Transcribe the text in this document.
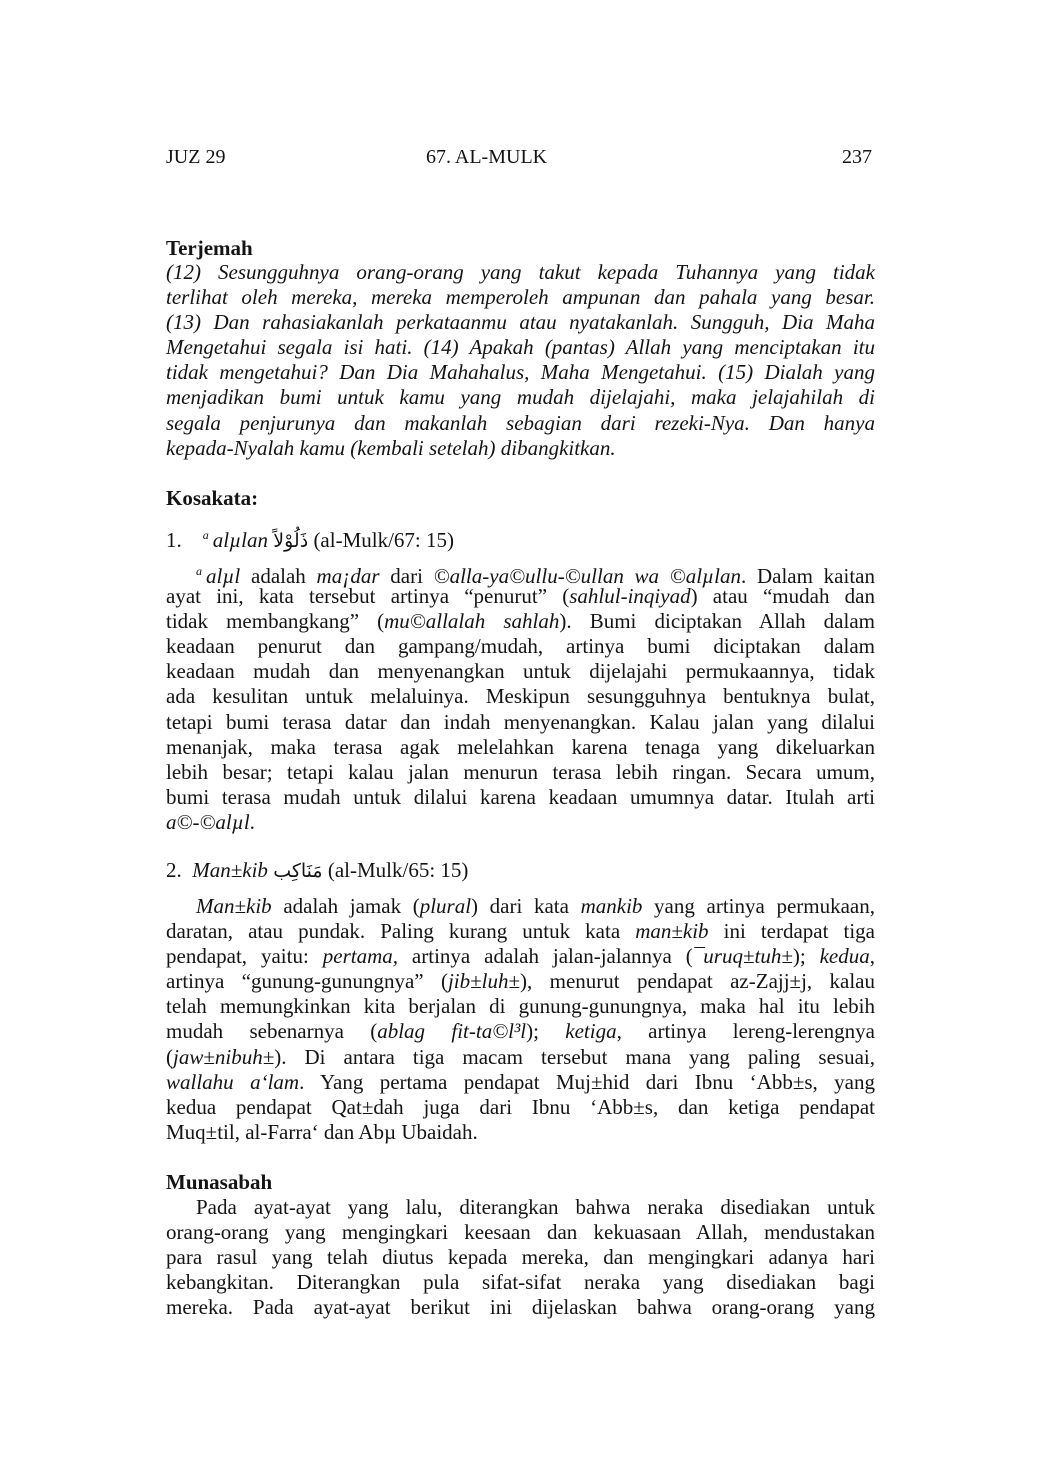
JUZ 29	67. AL-MULK	237
Terjemah
(12) Sesungguhnya orang-orang yang takut kepada Tuhannya yang tidak
terlihat oleh mereka, mereka memperoleh ampunan dan pahala yang besar.
(13) Dan rahasiakanlah perkataanmu atau nyatakanlah. Sungguh, Dia Maha
Mengetahui segala isi hati. (14) Apakah (pantas) Allah yang menciptakan itu
tidak mengetahui? Dan Dia Mahahalus, Maha Mengetahui. (15) Dialah yang
menjadikan bumi untuk kamu yang mudah dijelajahi, maka jelajahilah di
segala penjurunya dan makanlah sebagian dari rezeki-Nya. Dan hanya
kepada-Nyalah kamu (kembali setelah) dibangkitkan.
Kosakata:
1. $^a$ alµlan ذَلُوْلاً (al-Mulk/67: 15)
$^a$ alµl adalah ma¡dar dari ©alla-ya©ullu-©ullan wa ©alµlan. Dalam kaitan
ayat ini, kata tersebut artinya “penurut” (sahlul-inqiyad) atau “mudah dan
tidak membangkang” (mu©allalah sahlah). Bumi diciptakan Allah dalam
keadaan penurut dan gampang/mudah, artinya bumi diciptakan dalam
keadaan mudah dan menyenangkan untuk dijelajahi permukaannya, tidak
ada kesulitan untuk melaluinya. Meskipun sesungguhnya bentuknya bulat,
tetapi bumi terasa datar dan indah menyenangkan. Kalau jalan yang dilalui
menanjak, maka terasa agak melelahkan karena tenaga yang dikeluarkan
lebih besar; tetapi kalau jalan menurun terasa lebih ringan. Secara umum,
bumi terasa mudah untuk dilalui karena keadaan umumnya datar. Itulah arti
a©-©alµl.
2. Man±kib مَنَاكِب (al-Mulk/65: 15)
Man±kib adalah jamak (plural) dari kata mankib yang artinya permukaan,
daratan, atau pundak. Paling kurang untuk kata man±kib ini terdapat tiga
pendapat, yaitu: pertama, artinya adalah jalan-jalannya (¯uruq±tuh±); kedua,
artinya “gunung-gunungnya” (jib±luh±), menurut pendapat az-Zajj±j, kalau
telah memungkinkan kita berjalan di gunung-gunungnya, maka hal itu lebih
mudah sebenarnya (ablag fit-ta©l³l); ketiga, artinya lereng-lerengnya
(jaw±nibuh±). Di antara tiga macam tersebut mana yang paling sesuai,
wallahu a‘lam. Yang pertama pendapat Muj±hid dari Ibnu ‘Abb±s, yang
kedua pendapat Qat±dah juga dari Ibnu ‘Abb±s, dan ketiga pendapat
Muq±til, al-Farra‘ dan Abµ Ubaidah.
Munasabah
Pada ayat-ayat yang lalu, diterangkan bahwa neraka disediakan untuk
orang-orang yang mengingkari keesaan dan kekuasaan Allah, mendustakan
para rasul yang telah diutus kepada mereka, dan mengingkari adanya hari
kebangkitan. Diterangkan pula sifat-sifat neraka yang disediakan bagi
mereka. Pada ayat-ayat berikut ini dijelaskan bahwa orang-orang yang
